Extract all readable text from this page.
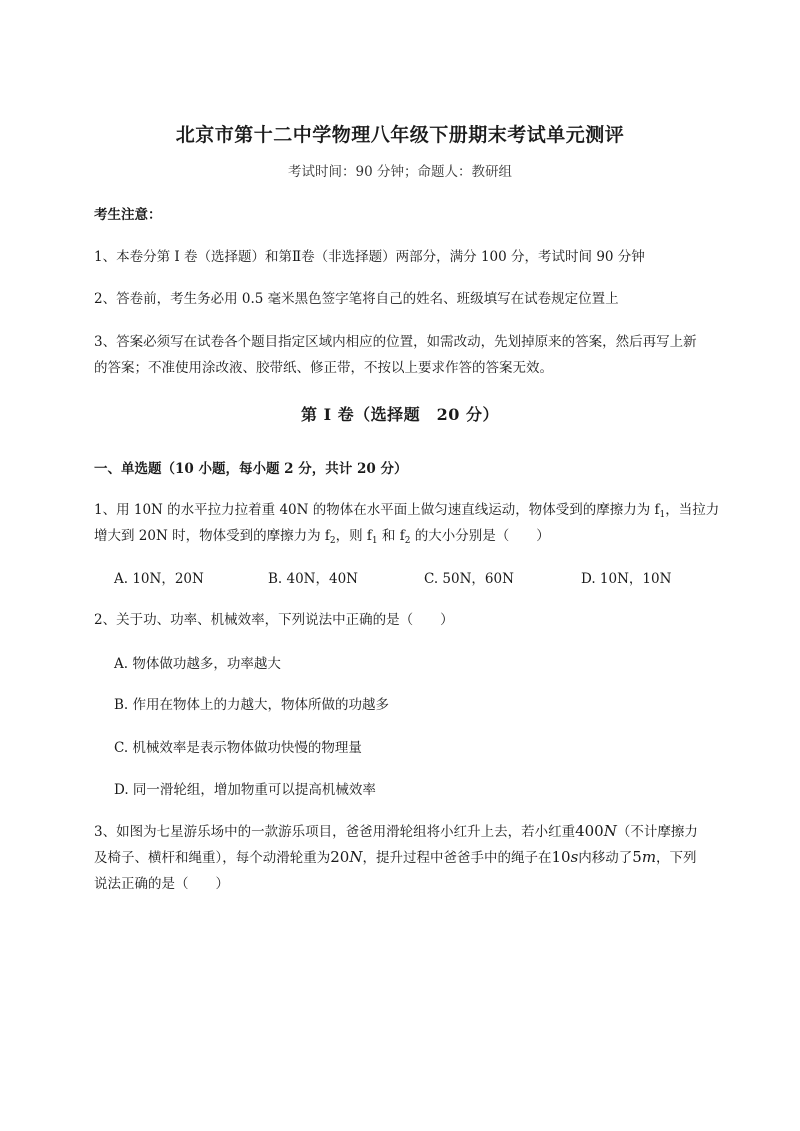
北京市第十二中学物理八年级下册期末考试单元测评
考试时间：90 分钟；命题人：教研组
考生注意：
1、本卷分第 I 卷（选择题）和第Ⅱ卷（非选择题）两部分，满分 100 分，考试时间 90 分钟
2、答卷前，考生务必用 0.5 毫米黑色签字笔将自己的姓名、班级填写在试卷规定位置上
3、答案必须写在试卷各个题目指定区域内相应的位置，如需改动，先划掉原来的答案，然后再写上新
的答案；不准使用涂改液、胶带纸、修正带，不按以上要求作答的答案无效。
第 I 卷（选择题　20 分）
一、单选题（10 小题，每小题 2 分，共计 20 分）
1、用 10N 的水平拉力拉着重 40N 的物体在水平面上做匀速直线运动，物体受到的摩擦力为 $f_1$，当拉力
增大到 20N 时，物体受到的摩擦力为 $f_2$，则 $f_1$ 和 $f_2$ 的大小分别是（　　）
A. 10N，20N	B. 40N，40N	C. 50N，60N	D. 10N，10N
2、关于功、功率、机械效率，下列说法中正确的是（　　）
A. 物体做功越多，功率越大
B. 作用在物体上的力越大，物体所做的功越多
C. 机械效率是表示物体做功快慢的物理量
D. 同一滑轮组，增加物重可以提高机械效率
3、如图为七星游乐场中的一款游乐项目，爸爸用滑轮组将小红升上去，若小红重400N（不计摩擦力
及椅子、横杆和绳重），每个动滑轮重为20N，提升过程中爸爸手中的绳子在10s内移动了5m，下列
说法正确的是（　　）
